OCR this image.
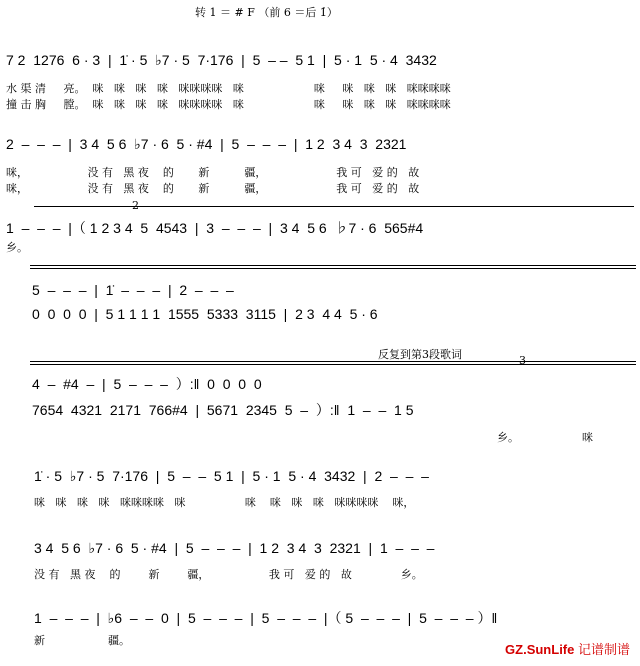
转 1 ＝ # F （前 6 ＝后 1̇）
7 2  1276  6 · 3  |  1̇ · 5  ♭7 · 5  7·176  |  5  – –  5 1  |  5 · 1  5 · 4  3432
水 渠 清     亮。  咪   咪   咪   咪   咪咪咪咪   咪                    咪     咪   咪   咪   咪咪咪咪
撞 击 胸     膛。  咪   咪   咪   咪   咪咪咪咪   咪                    咪     咪   咪   咪   咪咪咪咪
2  –  –  –  |  3 4  5 6  ♭7 · 6  5 · #4  |  5  –  –  –  |  1 2  3 4  3  2321
咪，                 没 有   黑 夜    的       新          疆，                    我 可   爱 的   故
咪，                 没 有   黑 夜    的       新          疆，                    我 可   爱 的   故
2
1  –  –  –  |（ 1 2 3 4  5  4543  |  3  –  –  –  |  3 4  5 6  ♭7 · 6  565#4
乡。
5  –  –  –  |  1̇  –  –  –  |  2  –  –  –
0  0  0  0  |  5 1 1 1 1  1555  5333  3115  |  2 3  4 4  5 · 6
反复到第3段歌词	3
4  –  #4  –  |  5  –  –  –  ）:‖  0  0  0  0
7654  4321  2171  766#4  |  5671  2345  5  –  ）:‖  1  –  –  1 5
乡。                  咪
1̇ · 5  ♭7 · 5  7·176  |  5  –  –  5 1  |  5 · 1  5 · 4  3432  |  2  –  –  –
咪   咪   咪   咪   咪咪咪咪   咪                 咪    咪   咪   咪   咪咪咪咪    咪，
3 4  5 6  ♭7 · 6  5 · #4  |  5  –  –  –  |  1 2  3 4  3  2321  |  1  –  –  –
没 有   黑 夜    的        新        疆，                 我 可   爱 的   故              乡。
1  –  –  –  |  ♭6  –  –  0  |  5  –  –  –  |  5  –  –  –  |（ 5  –  –  –  |  5  –  –  – ）‖
新                  疆。
GZ.SunLife 记谱制谱
